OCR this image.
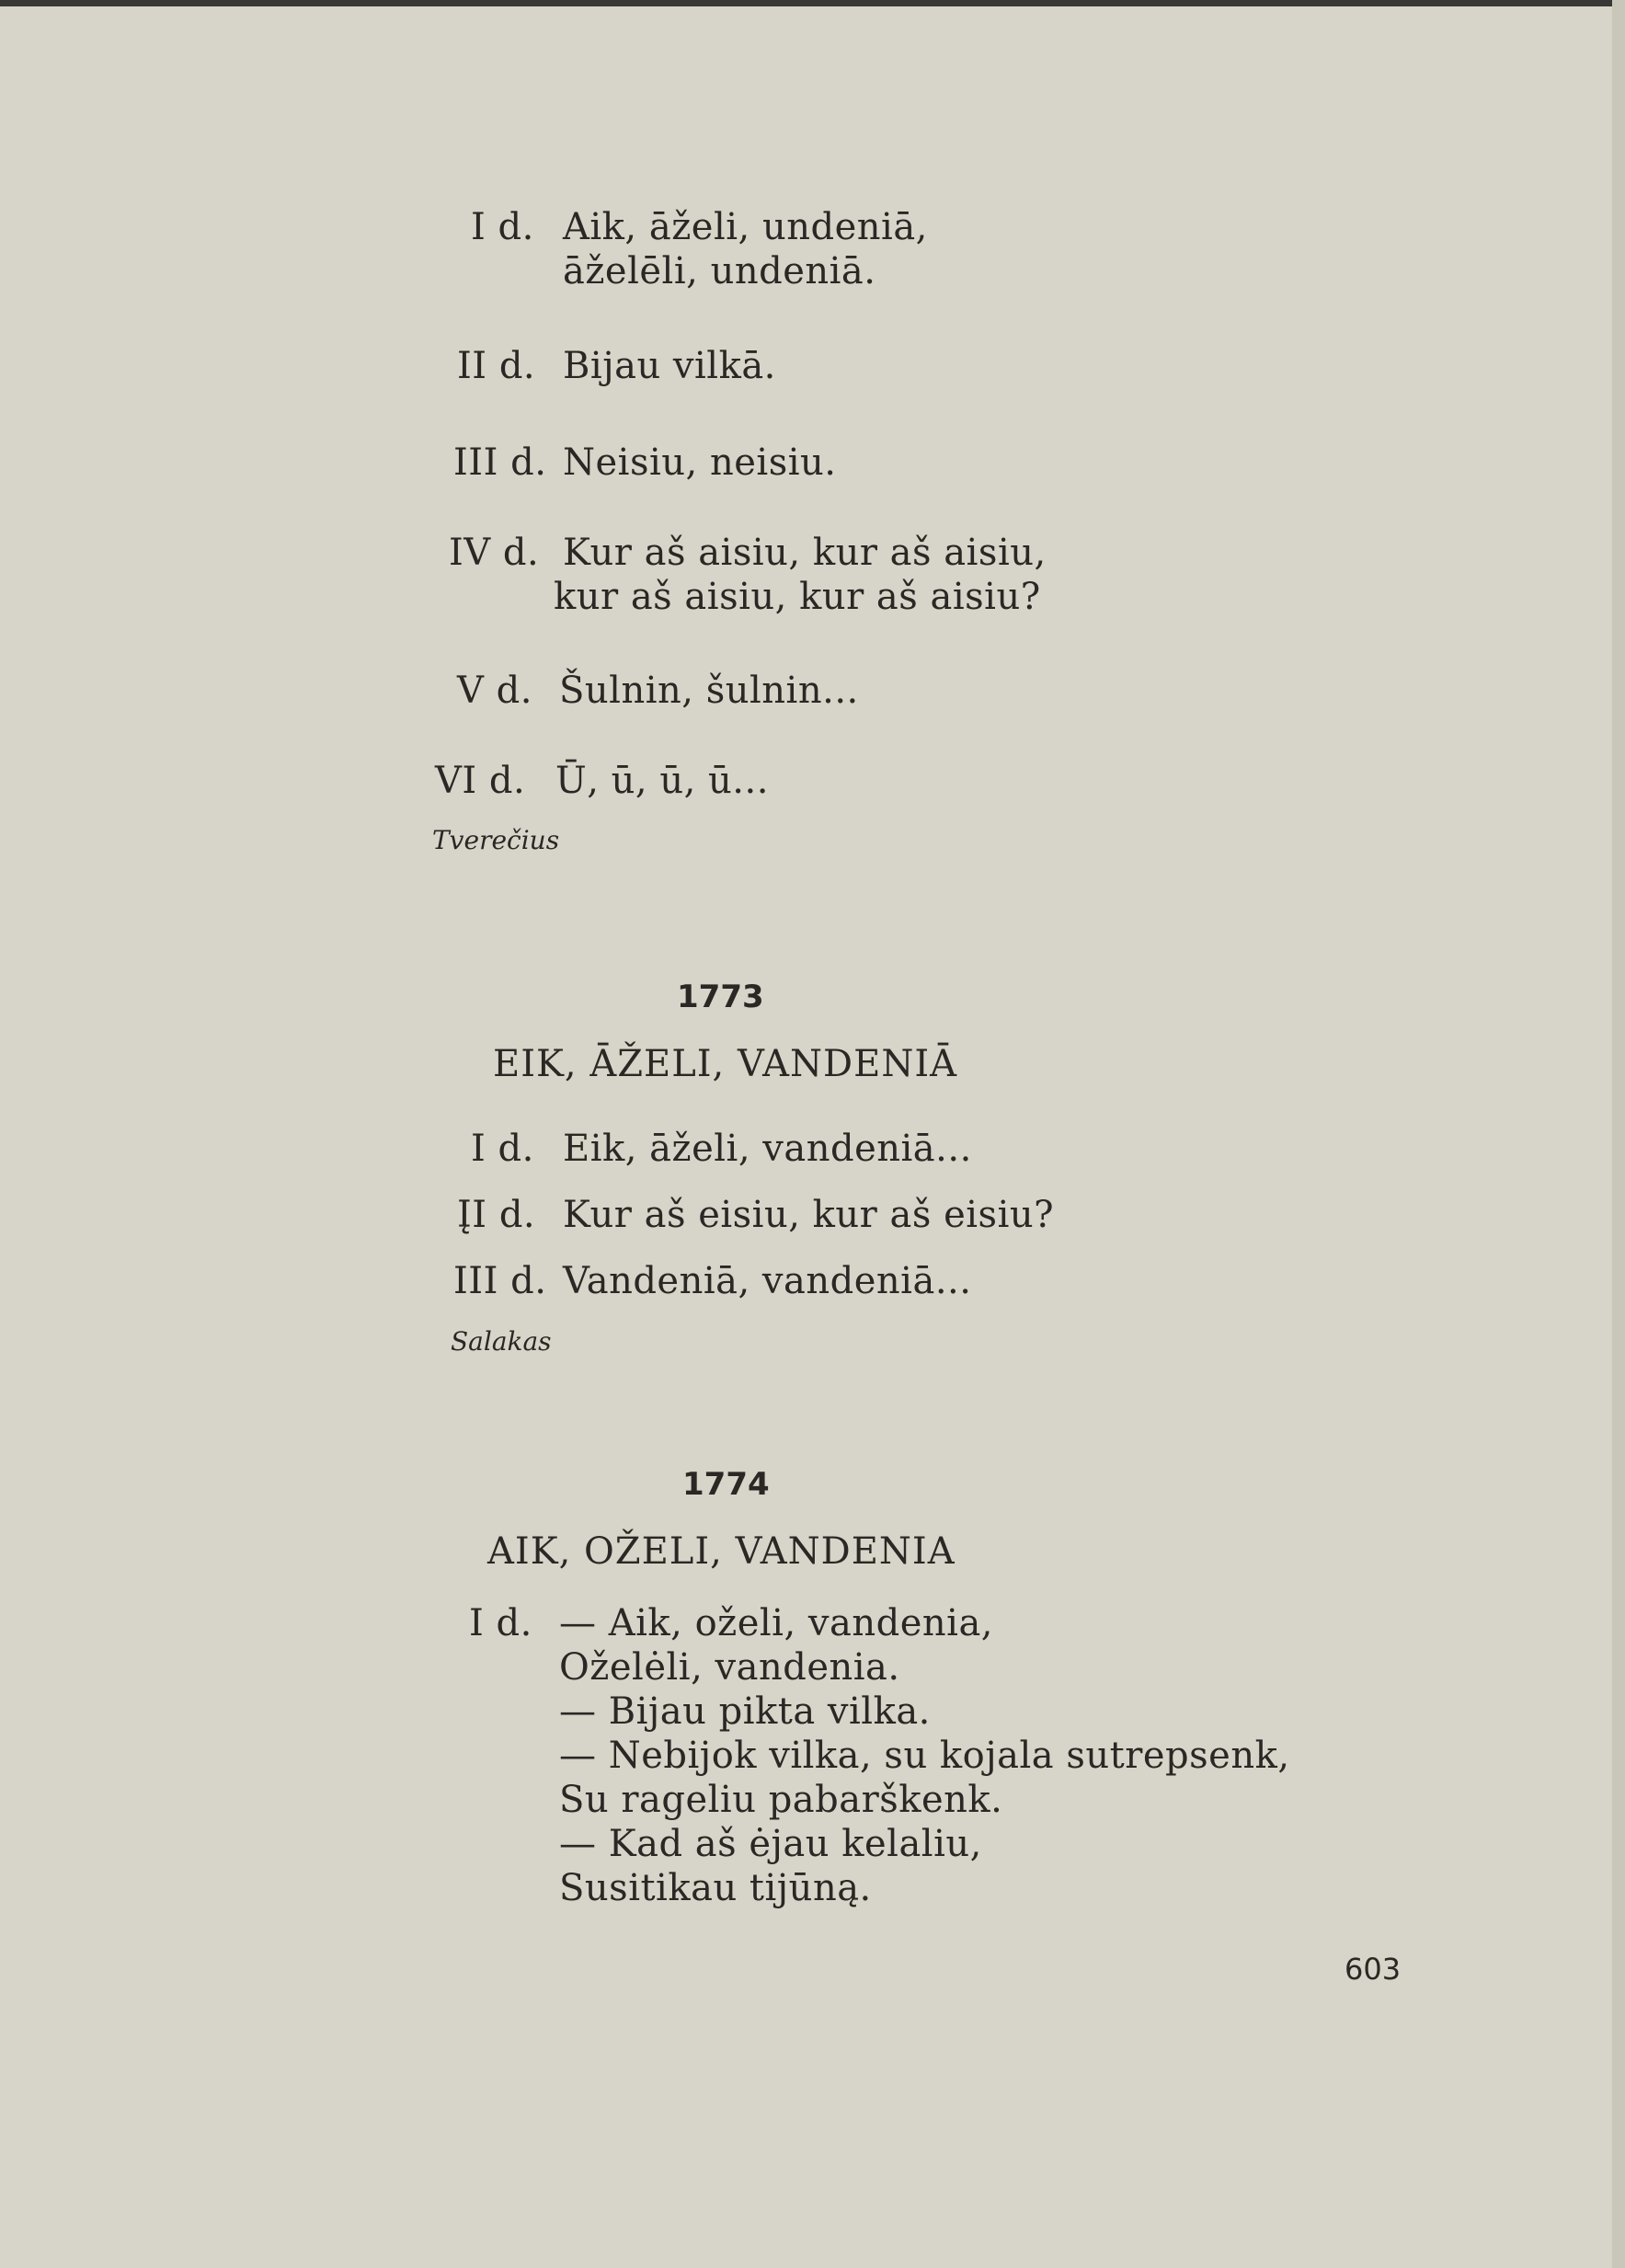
I d. Aik, āželi, undeniā,
āželēli, undeniā.
II d. Bijau vilkā.
III d. Neisiu, neisiu.
IV d. Kur aš aisiu, kur aš aisiu,
kur aš aisiu, kur aš aisiu?
V d. Šulnin, šulnin...
VI d. Ū, ū, ū, ū...
Tverečius
1773
EIK, ĀŽELI, VANDENIĀ
I d. Eik, āželi, vandeniā...
ĮI d. Kur aš eisiu, kur aš eisiu?
III d. Vandeniā, vandeniā...
Salakas
1774
AIK, OŽELI, VANDENIA
I d. — Aik, oželi, vandenia,
Oželėli, vandenia.
— Bijau pikta vilka.
— Nebijok vilka, su kojala sutrepsenk,
Su rageliu pabarškenk.
— Kad aš ėjau kelaliu,
Susitikau tijūną.
603
